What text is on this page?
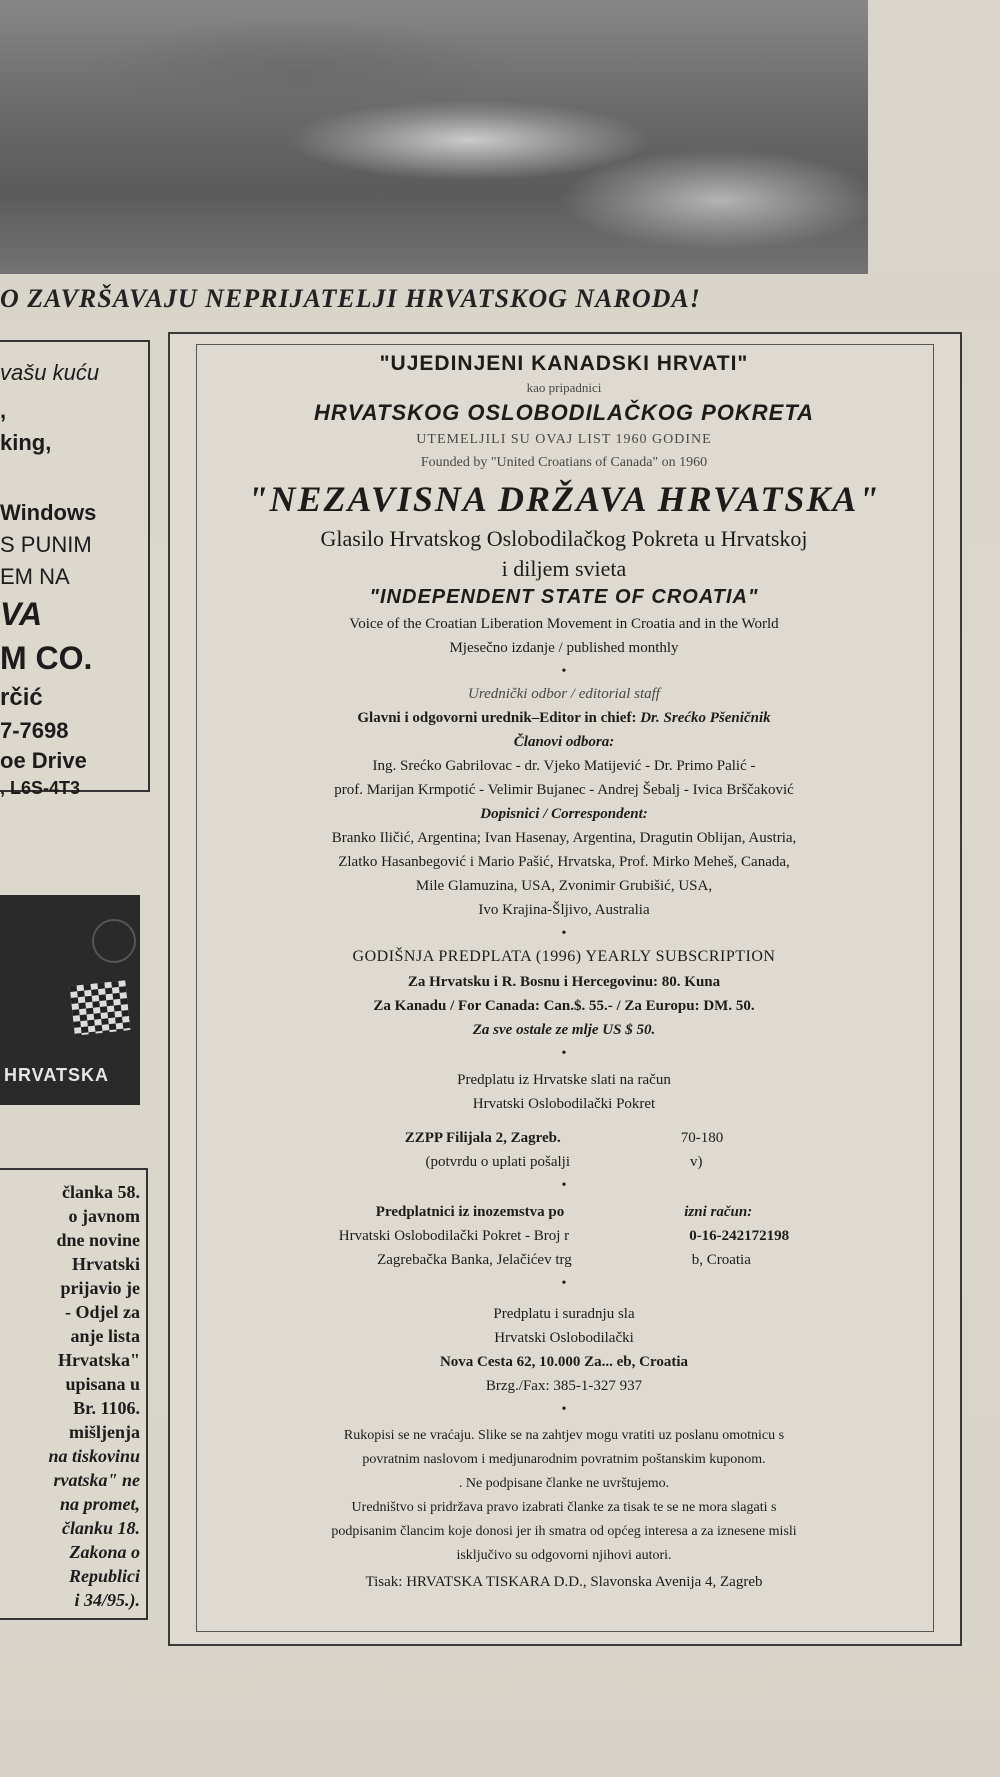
O ZAVRŠAVAJU NEPRIJATELJI HRVATSKOG NARODA!
vašu kuću
,
king,
Windows
S PUNIM
EM NA
VA
M CO.
rčić
7-7698
oe Drive
, L6S-4T3
HRVATSKA
članka 58.
o javnom
dne novine
Hrvatski
prijavio je
- Odjel za
anje lista
Hrvatska"
upisana u
Br. 1106.
mišljenja
na tiskovinu
rvatska" ne
na promet,
članku 18.
Zakona o
Republici
i 34/95.).
"UJEDINJENI KANADSKI HRVATI"
kao pripadnici
HRVATSKOG OSLOBODILAČKOG POKRETA
UTEMELJILI SU OVAJ LIST 1960 GODINE
Founded by "United Croatians of Canada" on 1960
"NEZAVISNA DRŽAVA HRVATSKA"
Glasilo Hrvatskog Oslobodilačkog Pokreta u Hrvatskoj
i diljem svieta
"INDEPENDENT STATE OF CROATIA"
Voice of the Croatian Liberation Movement in Croatia and in the World
Mjesečno izdanje / published monthly
•
Urednički odbor / editorial staff
Glavni i odgovorni urednik–Editor in chief: Dr. Srećko Pšeničnik
Članovi odbora:
Ing. Srećko Gabrilovac - dr. Vjeko Matijević - Dr. Primo Palić -
prof. Marijan Krmpotić - Velimir Bujanec - Andrej Šebalj - Ivica Brščaković
Dopisnici / Correspondent:
Branko Iličić, Argentina; Ivan Hasenay, Argentina, Dragutin Oblijan, Austria,
Zlatko Hasanbegović i Mario Pašić, Hrvatska, Prof. Mirko Meheš, Canada,
Mile Glamuzina, USA, Zvonimir Grubišić, USA,
Ivo Krajina-Šljivo, Australia
•
GODIŠNJA PREDPLATA (1996) YEARLY SUBSCRIPTION
Za Hrvatsku i R. Bosnu i Hercegovinu: 80. Kuna
Za Kanadu / For Canada: Can.$. 55.- / Za Europu: DM. 50.
Za sve ostale ze mlje US $ 50.
•
Predplatu iz Hrvatske slati na račun
Hrvatski Oslobodilački Pokret
ZZPP Filijala 2, Zagreb.	70-180
(potvrdu o uplati pošalji	v)
•
Predplatnici iz inozemstva po	izni račun:
Hrvatski Oslobodilački Pokret - Broj r	0-16-242172198
Zagrebačka Banka, Jelačićev trg	b, Croatia
•
Predplatu i suradnju sla
Hrvatski Oslobodilački
Nova Cesta 62, 10.000 Za... eb, Croatia
Brzg./Fax: 385-1-327 937
•
Rukopisi se ne vraćaju. Slike se na zahtjev mogu vratiti uz poslanu omotnicu s
povratnim naslovom i medjunarodnim povratnim poštanskim kuponom.
. Ne podpisane članke ne uvrštujemo.
Uredništvo si pridržava pravo izabrati članke za tisak te se ne mora slagati s
podpisanim člancim koje donosi jer ih smatra od općeg interesa a za iznesene misli
isključivo su odgovorni njihovi autori.
Tisak: HRVATSKA TISKARA D.D., Slavonska Avenija 4, Zagreb
